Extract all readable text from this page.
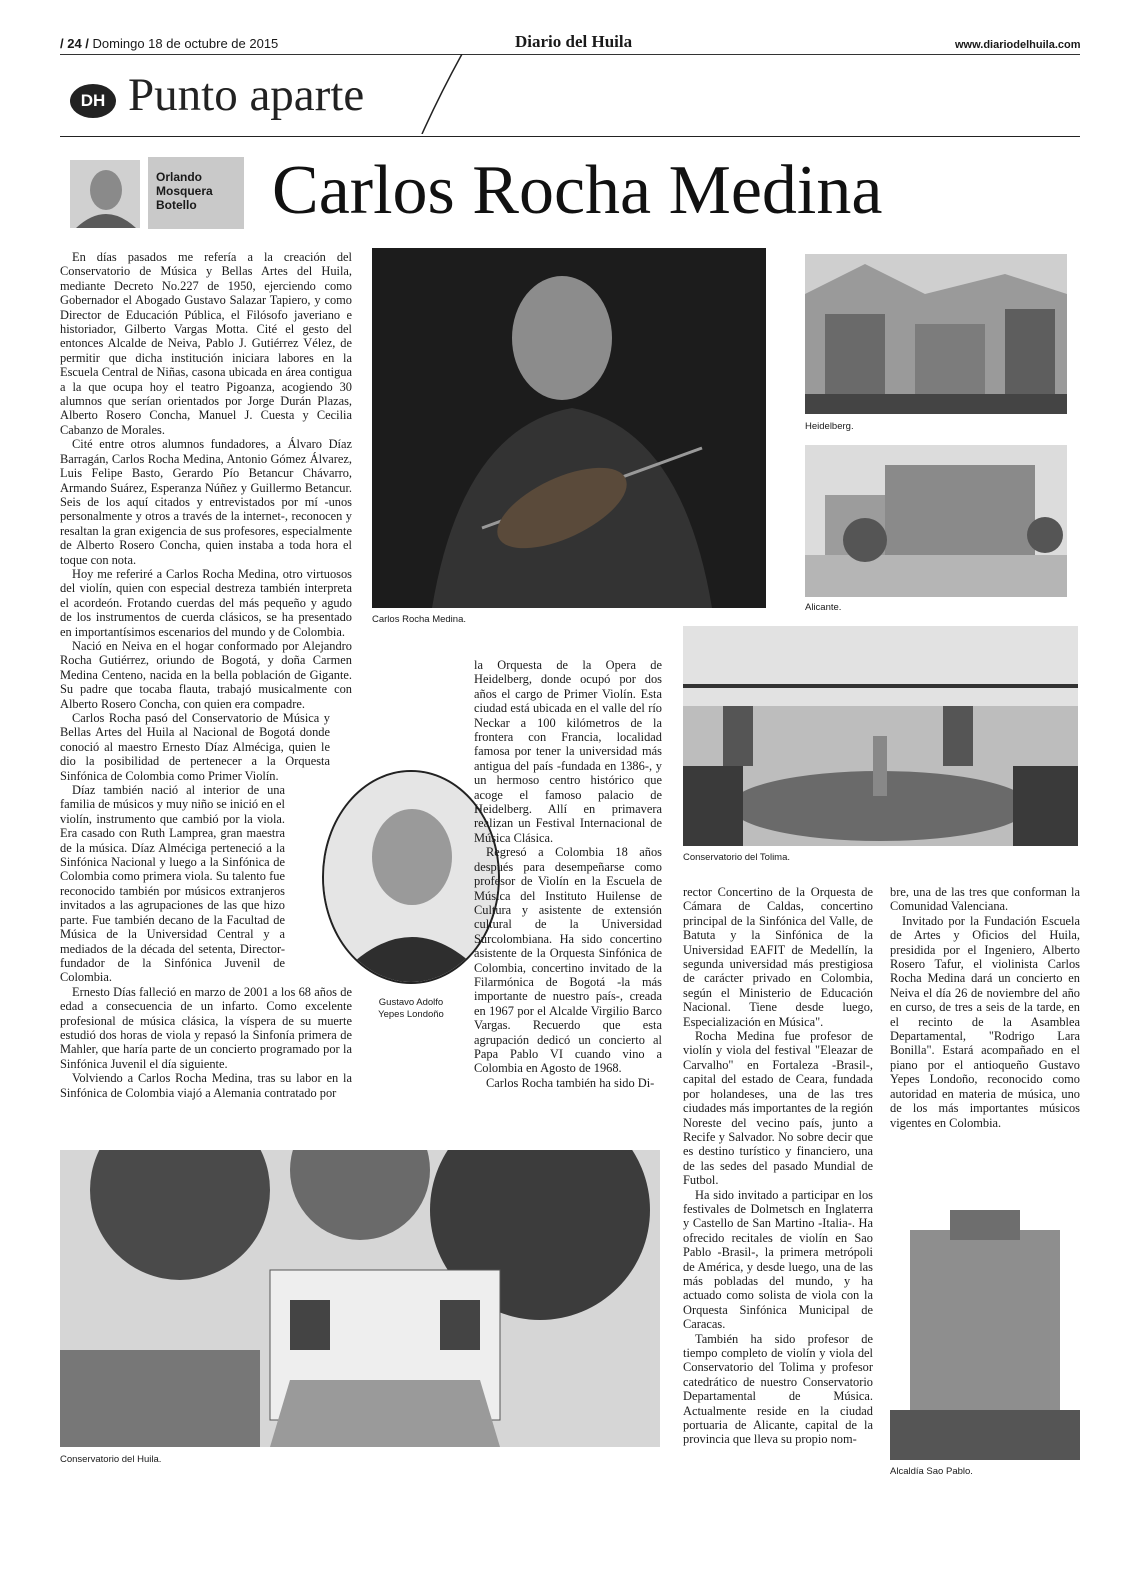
/ 24 / Domingo 18 de octubre de 2015	Diario del Huila	www.diariodelhuila.com
DH Punto aparte
Orlando
Mosquera
Botello	Carlos Rocha Medina
Carlos Rocha Medina.
Heidelberg.
Alicante.
Conservatorio del Tolima.
Conservatorio del Huila.
Alcaldía Sao Pablo.
Gustavo Adolfo Yepes Londoño

En días pasados me refería a la creación del Conservatorio de Música y Bellas Artes del Huila, mediante Decreto No.227 de 1950, ejerciendo como Gobernador el Abogado Gustavo Salazar Tapiero, y como Director de Educación Pública, el Filósofo javeriano e historiador, Gilberto Vargas Motta. Cité el gesto del entonces Alcalde de Neiva, Pablo J. Gutiérrez Vélez, de permitir que dicha institución iniciara labores en la Escuela Central de Niñas, casona ubicada en área contigua a la que ocupa hoy el teatro Pigoanza, acogiendo 30 alumnos que serían orientados por Jorge Durán Plazas, Alberto Rosero Concha, Manuel J. Cuesta y Cecilia Cabanzo de Morales.

Cité entre otros alumnos fundadores, a Álvaro Díaz Barragán, Carlos Rocha Medina, Antonio Gómez Álvarez, Luis Felipe Basto, Gerardo Pío Betancur Chávarro, Armando Suárez, Esperanza Núñez y Guillermo Betancur. Seis de los aquí citados y entrevistados por mí -unos personalmente y otros a través de la internet-, reconocen y resaltan la gran exigencia de sus profesores, especialmente de Alberto Rosero Concha, quien instaba a toda hora el toque con nota.

Hoy me referiré a Carlos Rocha Medina, otro virtuosos del violín, quien con especial destreza también interpreta el acordeón. Frotando cuerdas del más pequeño y agudo de los instrumentos de cuerda clásicos, se ha presentado en importantísimos escenarios del mundo y de Colombia.

Nació en Neiva en el hogar conformado por Alejandro Rocha Gutiérrez, oriundo de Bogotá, y doña Carmen Medina Centeno, nacida en la bella población de Gigante. Su padre que tocaba flauta, trabajó musicalmente con Alberto Rosero Concha, con quien era compadre.

Carlos Rocha pasó del Conservatorio de Música y Bellas Artes del Huila al Nacional de Bogotá donde conoció al maestro Ernesto Díaz Alméciga, quien le dio la posibilidad de pertenecer a la Orquesta Sinfónica de Colombia como Primer Violín.

Díaz también nació al interior de una familia de músicos y muy niño se inició en el violín, instrumento que cambió por la viola. Era casado con Ruth Lamprea, gran maestra de la música. Díaz Alméciga perteneció a la Sinfónica Nacional y luego a la Sinfónica de Colombia como primera viola. Su talento fue reconocido también por músicos extranjeros invitados a las agrupaciones de las que hizo parte. Fue también decano de la Facultad de Música de la Universidad Central y a mediados de la década del setenta, Director-fundador de la Sinfónica Juvenil de Colombia.

Ernesto Días falleció en marzo de 2001 a los 68 años de edad a consecuencia de un infarto. Como excelente profesional de música clásica, la víspera de su muerte estudió dos horas de viola y repasó la Sinfonía primera de Mahler, que haría parte de un concierto programado por la Sinfónica Juvenil el día siguiente.

Volviendo a Carlos Rocha Medina, tras su labor en la Sinfónica de Colombia viajó a Alemania contratado por

la Orquesta de la Opera de Heidelberg, donde ocupó por dos años el cargo de Primer Violín. Esta ciudad está ubicada en el valle del río Neckar a 100 kilómetros de la frontera con Francia, localidad famosa por tener la universidad más antigua del país -fundada en 1386-, y un hermoso centro histórico que acoge el famoso palacio de Heidelberg. Allí en primavera realizan un Festival Internacional de Música Clásica.

Regresó a Colombia 18 años después para desempeñarse como profesor de Violín en la Escuela de Música del Instituto Huilense de Cultura y asistente de extensión cultural de la Universidad Surcolombiana. Ha sido concertino asistente de la Orquesta Sinfónica de Colombia, concertino invitado de la Filarmónica de Bogotá -la más importante de nuestro país-, creada en 1967 por el Alcalde Virgilio Barco Vargas. Recuerdo que esta agrupación dedicó un concierto al Papa Pablo VI cuando vino a Colombia en Agosto de 1968.

Carlos Rocha también ha sido Di-

rector Concertino de la Orquesta de Cámara de Caldas, concertino principal de la Sinfónica del Valle, de Batuta y la Sinfónica de la Universidad EAFIT de Medellín, la segunda universidad más prestigiosa de carácter privado en Colombia, según el Ministerio de Educación Nacional. Tiene desde luego, Especialización en Música".

Rocha Medina fue profesor de violín y viola del festival "Eleazar de Carvalho" en Fortaleza -Brasil-, capital del estado de Ceara, fundada por holandeses, una de las tres ciudades más importantes de la región Noreste del vecino país, junto a Recife y Salvador. No sobre decir que es destino turístico y financiero, una de las sedes del pasado Mundial de Futbol.

Ha sido invitado a participar en los festivales de Dolmetsch en Inglaterra y Castello de San Martino -Italia-. Ha ofrecido recitales de violín en Sao Pablo -Brasil-, la primera metrópoli de América, y desde luego, una de las más pobladas del mundo, y ha actuado como solista de viola con la Orquesta Sinfónica Municipal de Caracas.

También ha sido profesor de tiempo completo de violín y viola del Conservatorio del Tolima y profesor catedrático de nuestro Conservatorio Departamental de Música. Actualmente reside en la ciudad portuaria de Alicante, capital de la provincia que lleva su propio nom-

bre, una de las tres que conforman la Comunidad Valenciana.

Invitado por la Fundación Escuela de Artes y Oficios del Huila, presidida por el Ingeniero, Alberto Rosero Tafur, el violinista Carlos Rocha Medina dará un concierto en Neiva el día 26 de noviembre del año en curso, de tres a seis de la tarde, en el recinto de la Asamblea Departamental, "Rodrigo Lara Bonilla". Estará acompañado en el piano por el antioqueño Gustavo Yepes Londoño, reconocido como autoridad en materia de música, uno de los más importantes músicos vigentes en Colombia.
